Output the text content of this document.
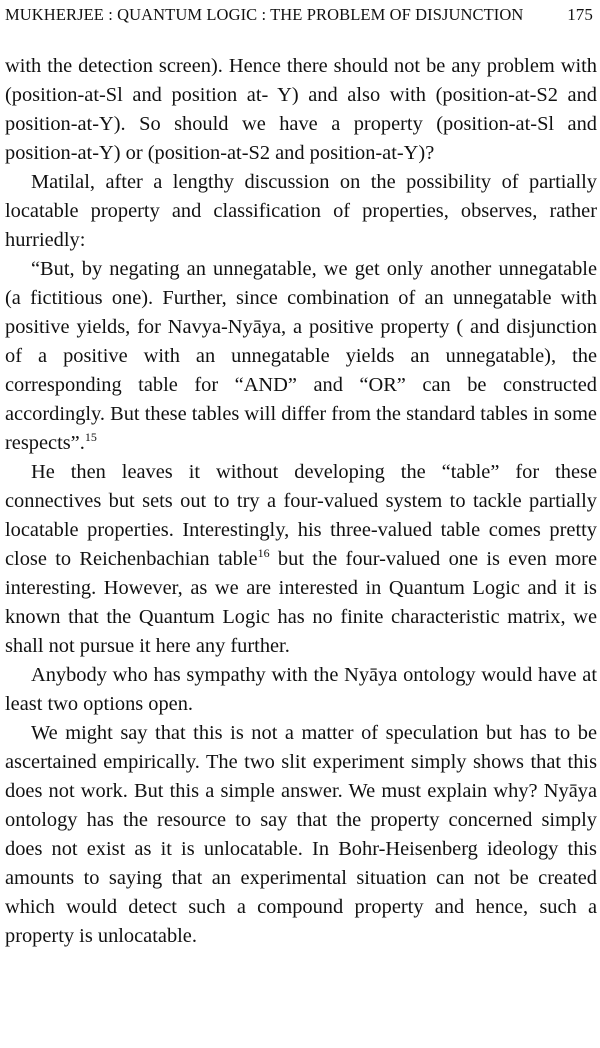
MUKHERJEE : QUANTUM LOGIC : THE PROBLEM OF DISJUNCTION	175

with the detection screen). Hence there should not be any problem with (position-at-Sl and position at- Y) and also with (position-at-S2 and position-at-Y). So should we have a property (position-at-Sl and position-at-Y) or (position-at-S2 and position-at-Y)?

Matilal, after a lengthy discussion on the possibility of partially locatable property and classification of properties, observes, rather hurriedly:

“But, by negating an unnegatable, we get only another unnegatable (a fictitious one). Further, since combination of an unnegatable with positive yields, for Navya-Nyāya, a positive property ( and disjunction of a positive with an unnegatable yields an unnegatable), the corresponding table for “AND” and “OR” can be constructed accordingly. But these tables will differ from the standard tables in some respects”.$^{15}$

He then leaves it without developing the “table” for these connectives but sets out to try a four-valued system to tackle partially locatable properties. Interestingly, his three-valued table comes pretty close to Reichenbachian table$^{16}$ but the four-valued one is even more interesting. However, as we are interested in Quantum Logic and it is known that the Quantum Logic has no finite characteristic matrix, we shall not pursue it here any further.

Anybody who has sympathy with the Nyāya ontology would have at least two options open.

We might say that this is not a matter of speculation but has to be ascertained empirically. The two slit experiment simply shows that this does not work. But this a simple answer. We must explain why? Nyāya ontology has the resource to say that the property concerned simply does not exist as it is unlocatable. In Bohr-Heisenberg ideology this amounts to saying that an experimental situation can not be created which would detect such a compound property and hence, such a property is unlocatable.
